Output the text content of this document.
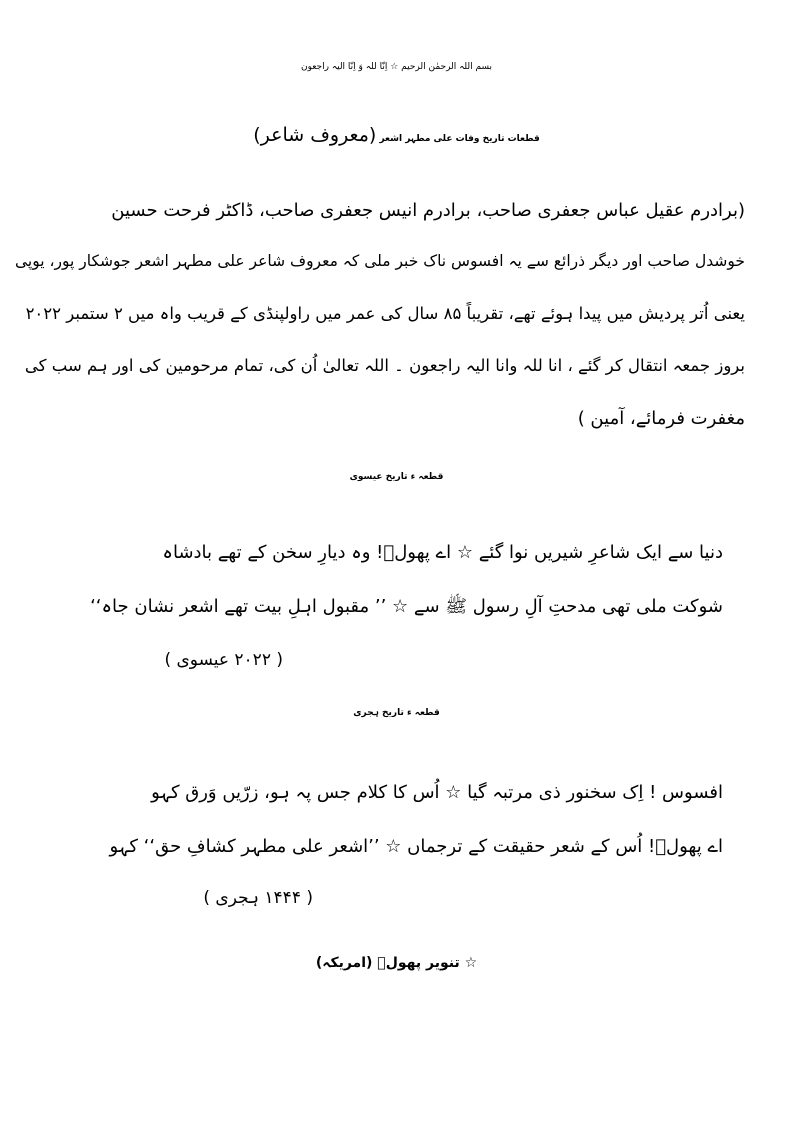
بسم اللہ الرحمٰن الرحیم ☆ اِنّا للہ وَ اِنّا الیہ راجعون
قطعات تاریخ وفات علی مطہر اشعر (معروف شاعر)
(برادرم عقیل عباس جعفری صاحب، برادرم انیس جعفری صاحب، ڈاکٹر فرحت حسین
خوشدل صاحب اور دیگر ذرائع سے یہ افسوس ناک خبر ملی کہ معروف شاعر علی مطہر اشعر جوشکار پور، یوپی
یعنی اُتر پردیش میں پیدا ہوئے تھے، تقریباً ۸۵ سال کی عمر میں راولپنڈی کے قریب واہ میں ۲ ستمبر ۲۰۲۲
بروز جمعہ انتقال کر گئے ، انا للہ وانا الیہ راجعون ۔ اللہ تعالیٰ اُن کی، تمام مرحومین کی اور ہم سب کی
مغفرت فرمائے، آمین )
قطعہ ء تاریخ عیسوی
دنیا سے ایک شاعرِ شیریں نوا گئے ☆ اے پھولؔ! وہ دیارِ سخن کے تھے بادشاہ
شوکت ملی تھی مدحتِ آلِ رسول ﷺ سے ☆ ’’ مقبول اہلِ بیت تھے اشعر نشان جاہ‘‘
( ۲۰۲۲ عیسوی )
قطعہ ء تاریخ ہجری
افسوس ! اِک سخنور ذی مرتبہ گیا ☆ اُس کا کلام جس پہ ہو، زرّیں وَرق کہو
اے پھولؔ! اُس کے شعر حقیقت کے ترجماں ☆ ’’اشعر علی مطہر کشافِ حق‘‘ کہو
( ۱۴۴۴ ہجری )
☆ تنویر پھولؔ (امریکہ)
